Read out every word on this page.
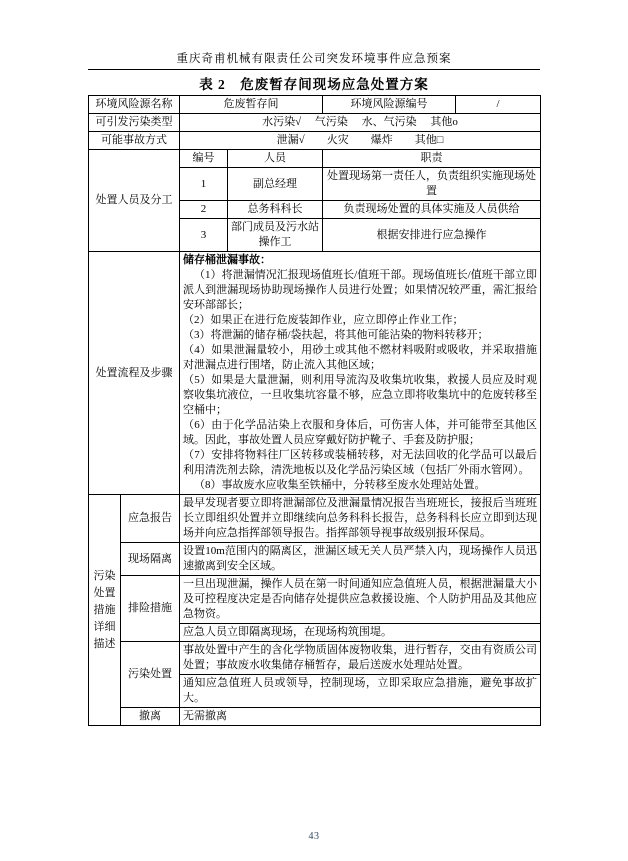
重庆奇甫机械有限责任公司突发环境事件应急预案
表 2　危废暂存间现场应急处置方案
环境风险源名称		危废暂存间		环境风险源编号	/
可引发污染类型		水污染√　 气污染　 水、气污染　 其他o			
可能事故方式		泄漏√　　火灾　　爆炸　　其他□			
处置人员及分工		编号	人员	职责	
		1	副总经理	处置现场第一责任人，负责组织实施现场处置	
		2	总务科科长	负责现场处置的具体实施及人员供给	
		3	部门成员及污水站操作工	根据安排进行应急操作	
处置流程及步骤	

储存桶泄漏事故：

（1）将泄漏情况汇报现场值班长/值班干部。现场值班长/值班干部立即派人到泄漏现场协助现场操作人员进行处置；如果情况较严重，需汇报给安环部部长；

（2）如果正在进行危废装卸作业，应立即停止作业工作；

（3）将泄漏的储存桶/袋扶起，将其他可能沾染的物料转移开；

（4）如果泄漏量较小，用砂土或其他不燃材料吸附或吸收，并采取措施对泄漏点进行围堵，防止流入其他区域；

（5）如果是大量泄漏，则利用导流沟及收集坑收集，救援人员应及时观察收集坑液位，一旦收集坑容量不够，应急立即将收集坑中的危废转移至空桶中；

（6）由于化学品沾染上衣服和身体后，可伤害人体，并可能带至其他区域。因此，事故处置人员应穿戴好防护靴子、手套及防护服；

（7）安排将物料往厂区转移或装桶转移，对无法回收的化学品可以最后利用清洗剂去除，清洗地板以及化学品污染区域（包括厂外雨水管网）。

（8）事故废水应收集至铁桶中，分转移至废水处理站处置。

污染处置措施详细描述	应急报告	最早发现者要立即将泄漏部位及泄漏量情况报告当班班长，接报后当班班长立即组织处置并立即继续向总务科科长报告，总务科科长应立即到达现场并向应急指挥部领导报告。指挥部领导视事故级别报环保局。			
	现场隔离	设置10m范围内的隔离区，泄漏区域无关人员严禁入内，现场操作人员迅速撤离到安全区域。			
	排险措施	一旦出现泄漏，操作人员在第一时间通知应急值班人员，根据泄漏量大小及可控程度决定是否向储存处提供应急救援设施、个人防护用品及其他应急物资。			
		应急人员立即隔离现场，在现场构筑围堤。			
	污染处置	事故处置中产生的含化学物质固体废物收集，进行暂存，交由有资质公司处置；事故废水收集储存桶暂存，最后送废水处理站处置。			
		通知应急值班人员或领导，控制现场，立即采取应急措施，避免事故扩大。			
	撤离	无需撤离			
43
